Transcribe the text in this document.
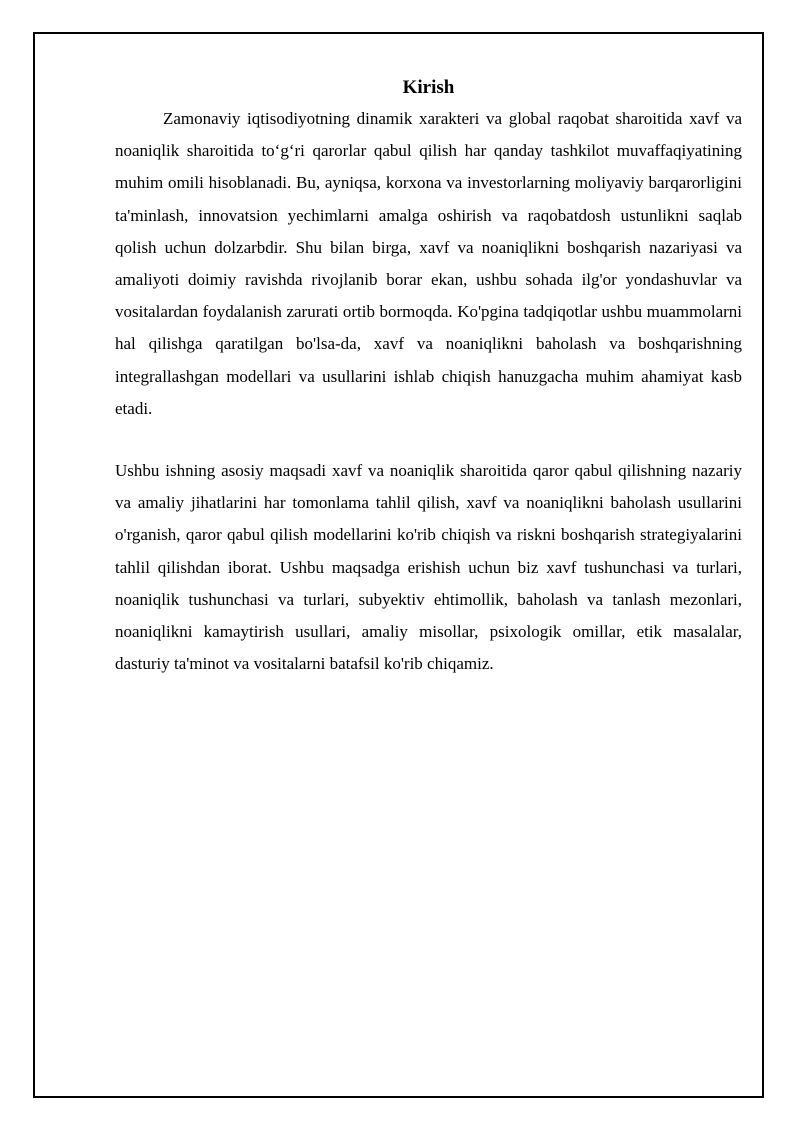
Kirish

Zamonaviy iqtisodiyotning dinamik xarakteri va global raqobat sharoitida xavf va noaniqlik sharoitida to‘g‘ri qarorlar qabul qilish har qanday tashkilot muvaffaqiyatining muhim omili hisoblanadi. Bu, ayniqsa, korxona va investorlarning moliyaviy barqarorligini ta'minlash, innovatsion yechimlarni amalga oshirish va raqobatdosh ustunlikni saqlab qolish uchun dolzarbdir. Shu bilan birga, xavf va noaniqlikni boshqarish nazariyasi va amaliyoti doimiy ravishda rivojlanib borar ekan, ushbu sohada ilg'or yondashuvlar va vositalardan foydalanish zarurati ortib bormoqda. Ko'pgina tadqiqotlar ushbu muammolarni hal qilishga qaratilgan bo'lsa-da, xavf va noaniqlikni baholash va boshqarishning integrallashgan modellari va usullarini ishlab chiqish hanuzgacha muhim ahamiyat kasb etadi.

Ushbu ishning asosiy maqsadi xavf va noaniqlik sharoitida qaror qabul qilishning nazariy va amaliy jihatlarini har tomonlama tahlil qilish, xavf va noaniqlikni baholash usullarini o'rganish, qaror qabul qilish modellarini ko'rib chiqish va riskni boshqarish strategiyalarini tahlil qilishdan iborat. Ushbu maqsadga erishish uchun biz xavf tushunchasi va turlari, noaniqlik tushunchasi va turlari, subyektiv ehtimollik, baholash va tanlash mezonlari, noaniqlikni kamaytirish usullari, amaliy misollar, psixologik omillar, etik masalalar, dasturiy ta'minot va vositalarni batafsil ko'rib chiqamiz.
